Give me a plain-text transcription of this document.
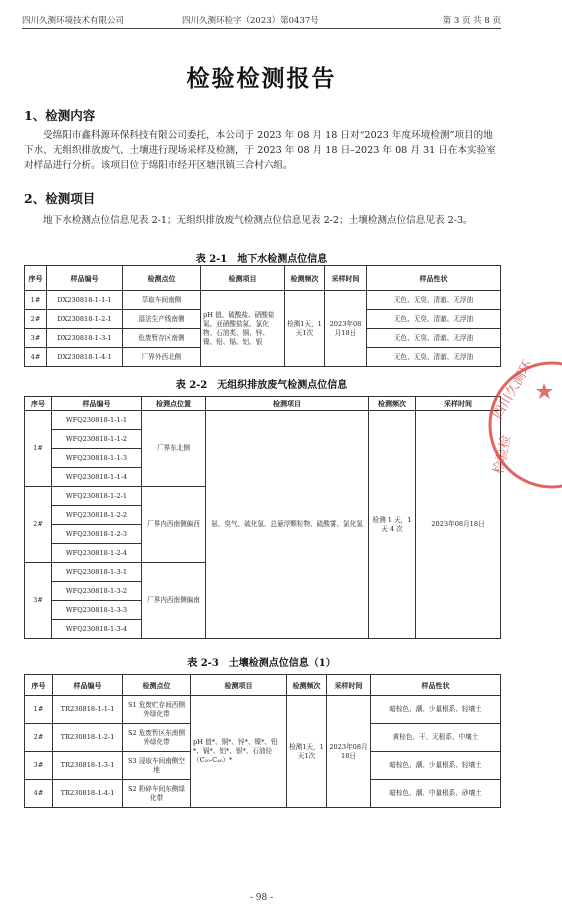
四川久测环境技术有限公司	四川久测环检字（2023）第0437号	第 3 页 共 8 页
检验检测报告
1、检测内容
受绵阳市鑫科源环保科技有限公司委托，本公司于 2023 年 08 月 18 日对“2023 年度环境检测”项目的地下水、无组织排放废气、土壤进行现场采样及检测，于 2023 年 08 月 18 日–2023 年 08 月 31 日在本实验室对样品进行分析。该项目位于绵阳市经开区塘汛镇三合村六组。
2、检测项目
地下水检测点位信息见表 2-1；无组织排放废气检测点位信息见表 2-2；土壤检测点位信息见表 2-3。
表 2-1　地下水检测点位信息
序号	样品编号	检测点位	检测项目	检测频次	采样时间	样品性状
1#	DX230818-1-1-1	萃取车间南侧	pH 值、硫酸盐、硝酸盐氮、亚硝酸盐氮、氯化物、石油类、铜、锌、镍、铅、镉、铝、银	检测1天，1天1次	2023年08月18日	无色、无臭、清澈、无浮油
2#	DX230818-1-2-1	湿法生产线南侧				无色、无臭、清澈、无浮油
3#	DX230818-1-3-1	危废暂存区南侧				无色、无臭、清澈、无浮油
4#	DX230818-1-4-1	厂界外西北侧				无色、无臭、清澈、无浮油
表 2-2　无组织排放废气检测点位信息
序号	样品编号	检测点位置	检测项目	检测频次	采样时间
1#	WFQ230818-1-1-1	厂界东北侧	氨、臭气、硫化氢、总悬浮颗粒物、硫酸雾、氯化氢	检测 1 天，1 天 4 次	2023年08月18日
	WFQ230818-1-1-2				
	WFQ230818-1-1-3				
	WFQ230818-1-1-4				
2#	WFQ230818-1-2-1	厂界内西南侧偏西			
	WFQ230818-1-2-2				
	WFQ230818-1-2-3				
	WFQ230818-1-2-4				
3#	WFQ230818-1-3-1	厂界内西南侧偏南			
	WFQ230818-1-3-2				
	WFQ230818-1-3-3				
	WFQ230818-1-3-4				
表 2-3　土壤检测点位信息（1）
序号	样品编号	检测点位	检测项目	检测频次	采样时间	样品性状
1#	TR230818-1-1-1	S1 危废贮存间西侧外绿化带	pH 值*、铜*、锌*、镍*、铅*、镉*、铝*、银*、石油烃（C₁₀-C₄₀）*	检测1天，1天1次	2023年08月18日	暗棕色、潮、少量根系、轻壤土
2#	TR230818-1-2-1	S2 危废暂区东南侧外绿化带				黄棕色、干、无根系、中壤土
3#	TR230818-1-3-1	S3 浸取车间南侧空地				暗棕色、潮、少量根系、轻壤土
4#	TR230818-1-4-1	S2 粉碎车间东侧绿化带				暗棕色、潮、中量根系、砂壤土
四川久测环
检验检
- 98 -
